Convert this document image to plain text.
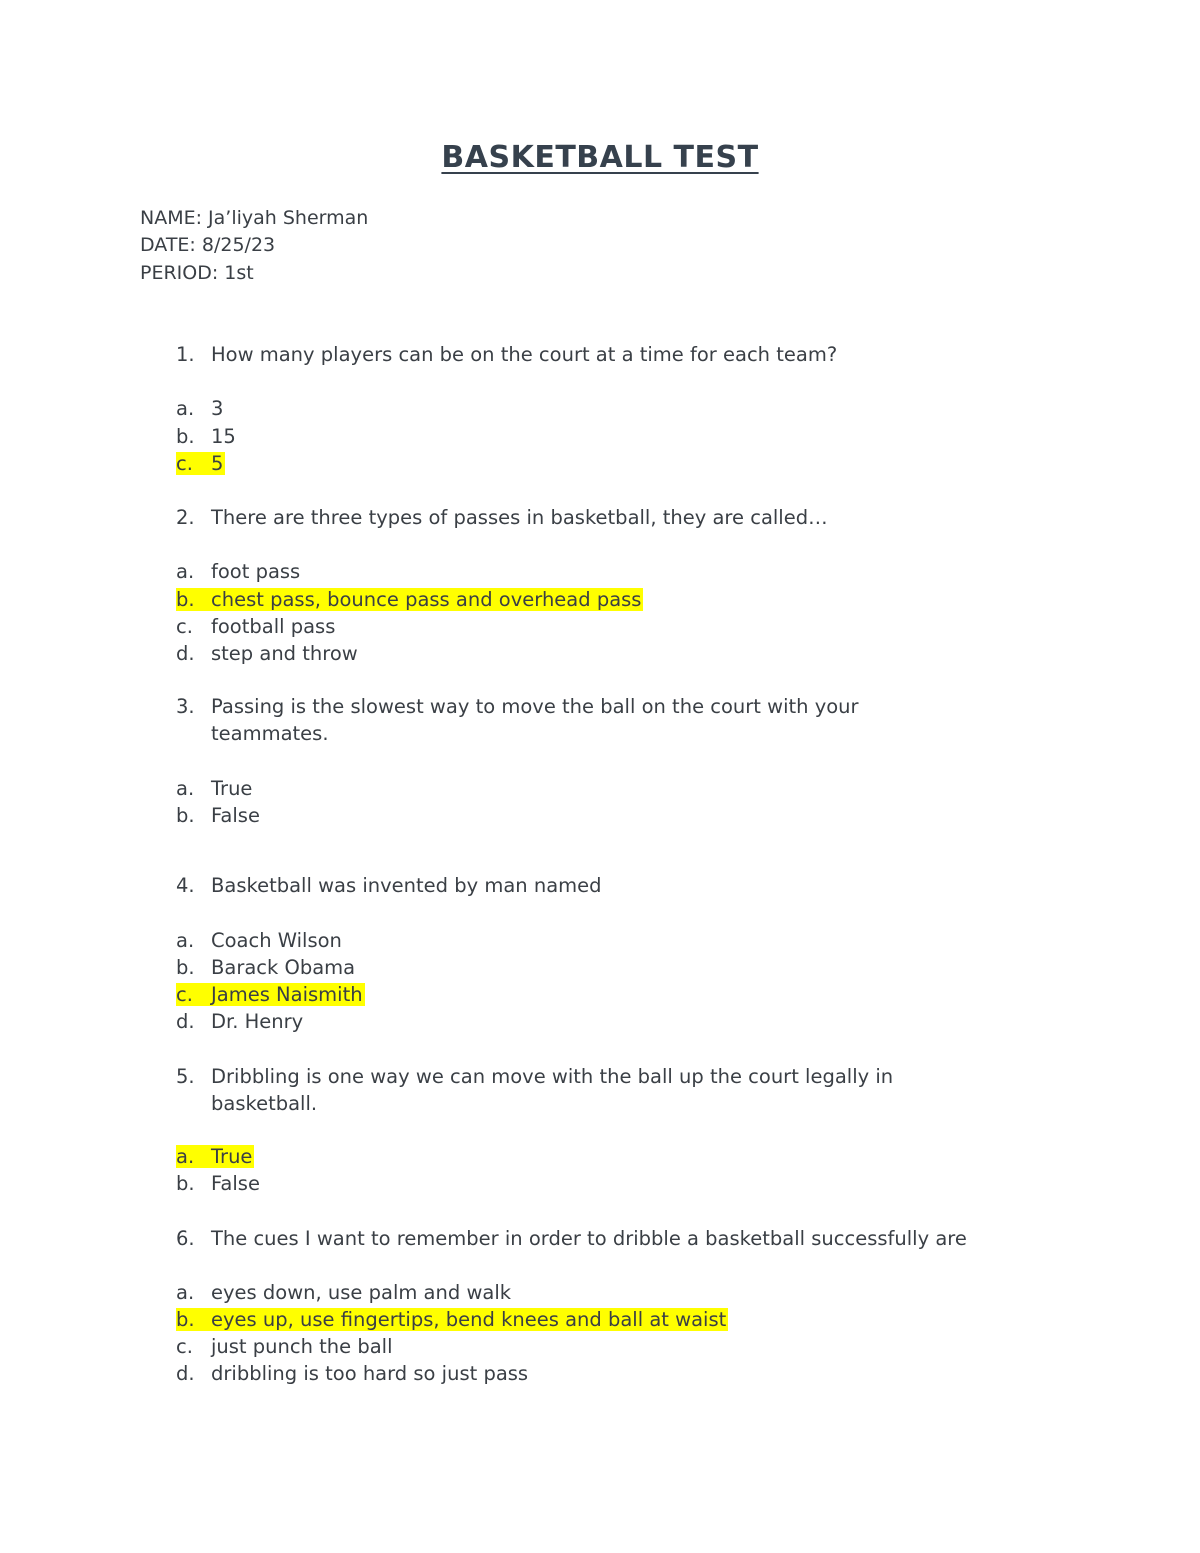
BASKETBALL TEST
NAME: Ja’liyah Sherman
DATE: 8/25/23
PERIOD: 1st
1. How many players can be on the court at a time for each team?
a. 3
b. 15
c. 5
2. There are three types of passes in basketball, they are called…
a. foot pass
b. chest pass, bounce pass and overhead pass
c. football pass
d. step and throw
3. Passing is the slowest way to move the ball on the court with your teammates.
a. True
b. False
4. Basketball was invented by man named
a. Coach Wilson
b. Barack Obama
c. James Naismith
d. Dr. Henry
5. Dribbling is one way we can move with the ball up the court legally in basketball.
a. True
b. False
6. The cues I want to remember in order to dribble a basketball successfully are
a. eyes down, use palm and walk
b. eyes up, use fingertips, bend knees and ball at waist
c. just punch the ball
d. dribbling is too hard so just pass
